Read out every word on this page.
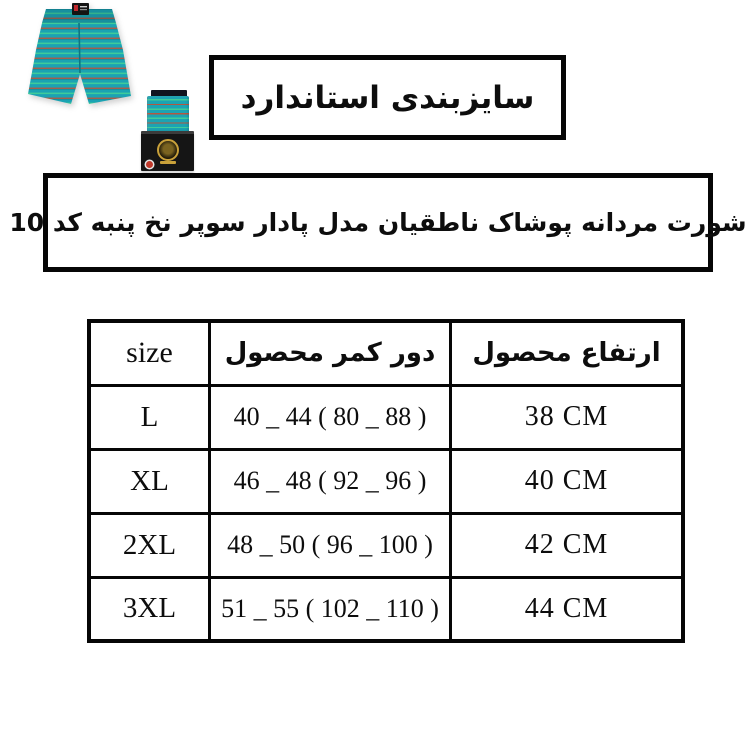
سایزبندی استاندارد
شورت مردانه پوشاک ناطقیان مدل پادار سوپر نخ پنبه کد 10
size	دور کمر محصول	ارتفاع محصول
L	40 _ 44 ( 80 _ 88 )	38 CM
XL	46 _ 48 ( 92 _ 96 )	40 CM
2XL	48 _ 50 ( 96 _ 100 )	42 CM
3XL	51 _ 55 ( 102 _ 110 )	44 CM
